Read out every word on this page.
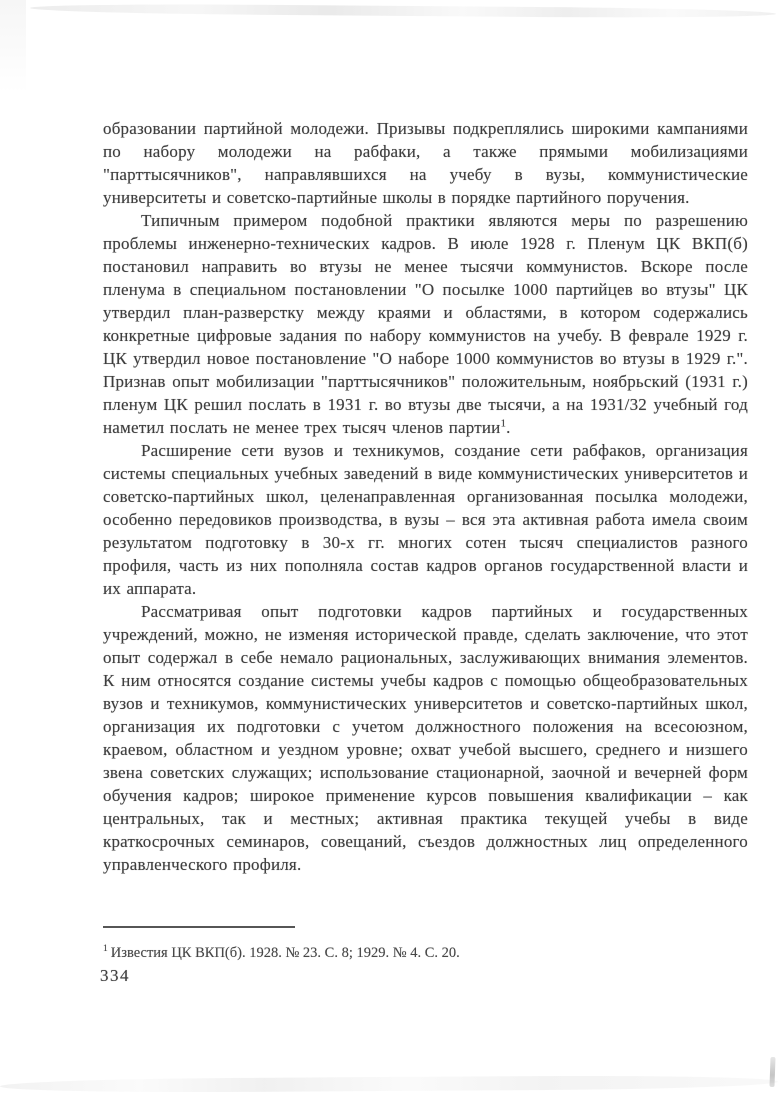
образовании партийной молодежи. Призывы подкреплялись широкими кампаниями по набору молодежи на рабфаки, а также прямыми мобилизациями "парттысячников", направлявшихся на учебу в вузы, коммунистические университеты и советско-партийные школы в порядке партийного поручения.

Типичным примером подобной практики являются меры по разрешению проблемы инженерно-технических кадров. В июле 1928 г. Пленум ЦК ВКП(б) постановил направить во втузы не менее тысячи коммунистов. Вскоре после пленума в специальном постановлении "О посылке 1000 партийцев во втузы" ЦК утвердил план-разверстку между краями и областями, в котором содержались конкретные цифровые задания по набору коммунистов на учебу. В феврале 1929 г. ЦК утвердил новое постановление "О наборе 1000 коммунистов во втузы в 1929 г.". Признав опыт мобилизации "парттысячников" положительным, ноябрьский (1931 г.) пленум ЦК решил послать в 1931 г. во втузы две тысячи, а на 1931/32 учебный год наметил послать не менее трех тысяч членов партии$^1$.

Расширение сети вузов и техникумов, создание сети рабфаков, организация системы специальных учебных заведений в виде коммунистических университетов и советско-партийных школ, целенаправленная организованная посылка молодежи, особенно передовиков производства, в вузы – вся эта активная работа имела своим результатом подготовку в 30-х гг. многих сотен тысяч специалистов разного профиля, часть из них пополняла состав кадров органов государственной власти и их аппарата.

Рассматривая опыт подготовки кадров партийных и государственных учреждений, можно, не изменяя исторической правде, сделать заключение, что этот опыт содержал в себе немало рациональных, заслуживающих внимания элементов. К ним относятся создание системы учебы кадров с помощью общеобразовательных вузов и техникумов, коммунистических университетов и советско-партийных школ, организация их подготовки с учетом должностного положения на всесоюзном, краевом, областном и уездном уровне; охват учебой высшего, среднего и низшего звена советских служащих; использование стационарной, заочной и вечерней форм обучения кадров; широкое применение курсов повышения квалификации – как центральных, так и местных; активная практика текущей учебы в виде краткосрочных семинаров, совещаний, съездов должностных лиц определенного управленческого профиля.

$^1$ Известия ЦК ВКП(б). 1928. № 23. С. 8; 1929. № 4. С. 20.
334
